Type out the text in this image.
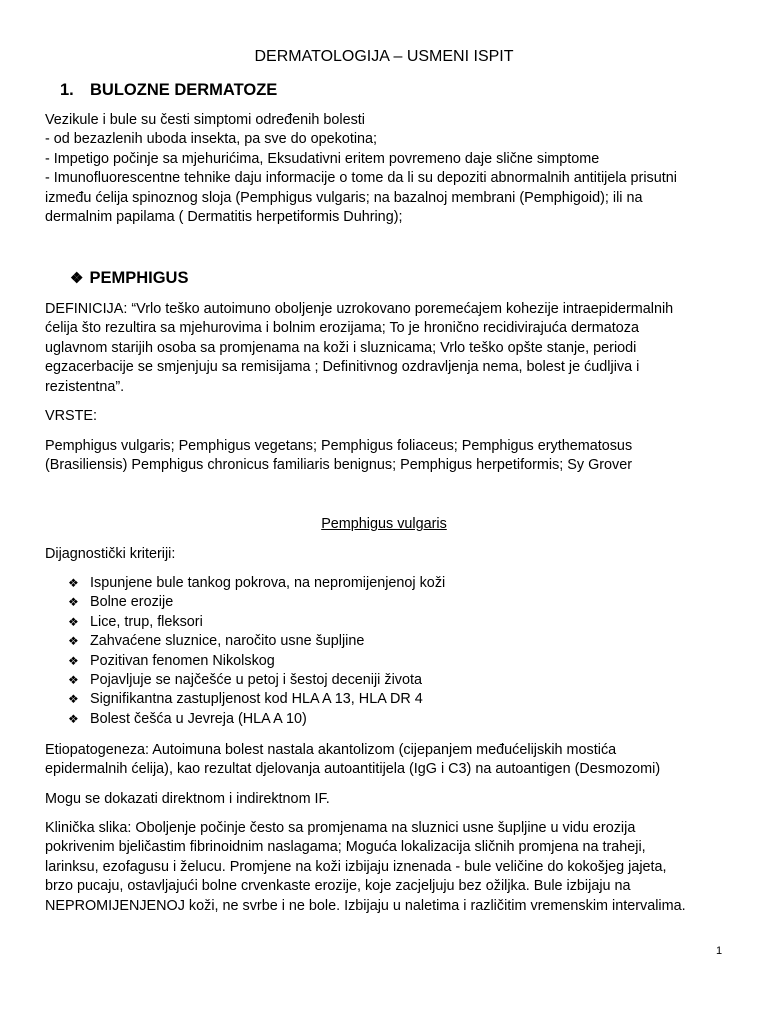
DERMATOLOGIJA – USMENI ISPIT
1. BULOZNE DERMATOZE
Vezikule i bule su česti simptomi određenih bolesti
- od bezazlenih uboda insekta, pa sve do opekotina;
- Impetigo počinje sa mjehurićima, Eksudativni eritem povremeno daje slične simptome
- Imunofluorescentne tehnike daju informacije o tome da li su depoziti abnormalnih antitijela prisutni
između ćelija spinoznog sloja (Pemphigus vulgaris; na bazalnoj membrani (Pemphigoid); ili na
dermalnim papilama ( Dermatitis herpetiformis Duhring);
❖ PEMPHIGUS
DEFINICIJA: “Vrlo teško autoimuno oboljenje uzrokovano poremećajem kohezije intraepidermalnih
ćelija što rezultira sa mjehurovima i bolnim erozijama; To je hronično recidivirajuća dermatoza
uglavnom starijih osoba sa promjenama na koži i sluznicama; Vrlo teško opšte stanje, periodi
egzacerbacije se smjenjuju sa remisijama ; Definitivnog ozdravljenja nema, bolest je ćudljiva i
rezistentna”.
VRSTE:
Pemphigus vulgaris; Pemphigus vegetans; Pemphigus foliaceus; Pemphigus erythematosus
(Brasiliensis) Pemphigus chronicus familiaris benignus; Pemphigus herpetiformis; Sy Grover
Pemphigus vulgaris
Dijagnostički kriteriji:
❖ Ispunjene bule tankog pokrova, na nepromijenjenoj koži
❖ Bolne erozije
❖ Lice, trup, fleksori
❖ Zahvaćene sluznice, naročito usne šupljine
❖ Pozitivan fenomen Nikolskog
❖ Pojavljuje se najčešće u petoj i šestoj deceniji života
❖ Signifikantna zastupljenost kod HLA A 13, HLA DR 4
❖ Bolest češća u Jevreja (HLA A 10)
Etiopatogeneza: Autoimuna bolest nastala akantolizom (cijepanjem međućelijskih mostića
epidermalnih ćelija), kao rezultat djelovanja autoantitijela (IgG i C3) na autoantigen (Desmozomi)
Mogu se dokazati direktnom i indirektnom IF.
Klinička slika: Oboljenje počinje često sa promjenama na sluznici usne šupljine u vidu erozija
pokrivenim bjeličastim fibrinoidnim naslagama; Moguća lokalizacija sličnih promjena na traheji,
larinksu, ezofagusu i želucu. Promjene na koži izbijaju iznenada - bule veličine do kokošjeg jajeta,
brzo pucaju, ostavljajući bolne crvenkaste erozije, koje zacjeljuju bez ožiljka. Bule izbijaju na
NEPROMIJENJENOJ koži, ne svrbe i ne bole. Izbijaju u naletima i različitim vremenskim intervalima.
1
